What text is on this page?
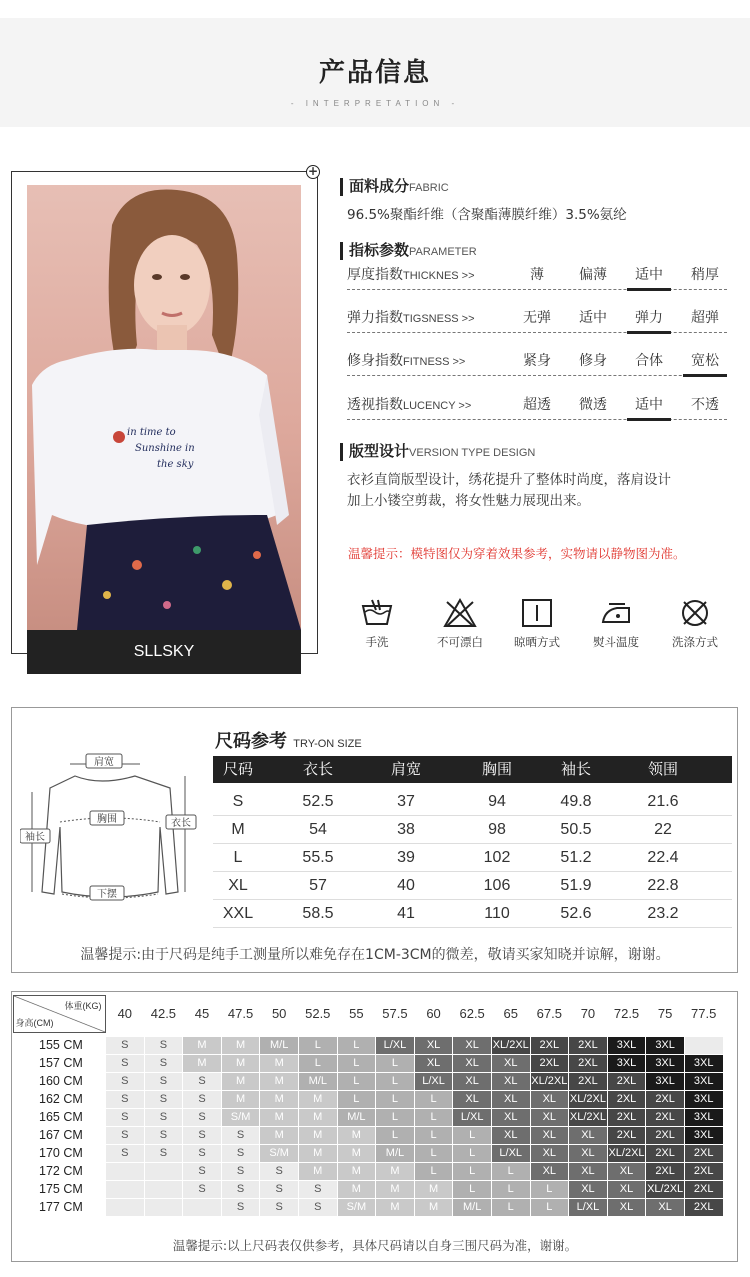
产品信息
- INTERPRETATION -
+
in time to
Sunshine in
the sky
SLLSKY
面料成分FABRIC
96.5%聚酯纤维（含聚酯薄膜纤维）3.5%氨纶
指标参数PARAMETER
厚度指数THICKNES >>	薄	偏薄	适中	稍厚
弹力指数TIGSNESS >>	无弹	适中	弹力	超弹
修身指数FITNESS >>	紧身	修身	合体	宽松
透视指数LUCENCY >>	超透	微透	适中	不透
版型设计VERSION TYPE DESIGN
衣衫直筒版型设计，绣花提升了整体时尚度，落肩设计
加上小镂空剪裁，将女性魅力展现出来。
温馨提示：模特图仅为穿着效果参考，实物请以静物图为准。
手洗	不可漂白	晾晒方式	熨斗温度	洗涤方式
肩宽
袖长
胸围	衣长
下摆
尺码参考 TRY-ON SIZE
尺码	衣长	肩宽	胸围	袖长	领围
S	52.5	37	94	49.8	21.6
M	54	38	98	50.5	22
L	55.5	39	102	51.2	22.4
XL	57	40	106	51.9	22.8
XXL	58.5	41	110	52.6	23.2
温馨提示:由于尺码是纯手工测量所以难免存在1CM-3CM的微差，敬请买家知晓并谅解，谢谢。
体重(KG)
身高(CM)	40	42.5	45	47.5	50	52.5	55	57.5	60	62.5	65	67.5	70	72.5	75	77.5
155 CM	S	S	M	M	M/L	L	L	L/XL	XL	XL	XL/2XL	2XL	2XL	3XL	3XL	
157 CM	S	S	M	M	M	L	L	L	XL	XL	XL	2XL	2XL	3XL	3XL	3XL
160 CM	S	S	S	M	M	M/L	L	L	L/XL	XL	XL	XL/2XL	2XL	2XL	3XL	3XL
162 CM	S	S	S	M	M	M	L	L	L	XL	XL	XL	XL/2XL	2XL	2XL	3XL
165 CM	S	S	S	S/M	M	M	M/L	L	L	L/XL	XL	XL	XL/2XL	2XL	2XL	3XL
167 CM	S	S	S	S	M	M	M	L	L	L	XL	XL	XL	2XL	2XL	3XL
170 CM	S	S	S	S	S/M	M	M	M/L	L	L	L/XL	XL	XL	XL/2XL	2XL	2XL
172 CM			S	S	S	M	M	M	L	L	L	XL	XL	XL	2XL	2XL
175 CM			S	S	S	S	M	M	M	L	L	L	XL	XL	XL/2XL	2XL
177 CM				S	S	S	S/M	M	M	M/L	L	L	L/XL	XL	XL	2XL
温馨提示:以上尺码表仅供参考，具体尺码请以自身三围尺码为准，谢谢。
